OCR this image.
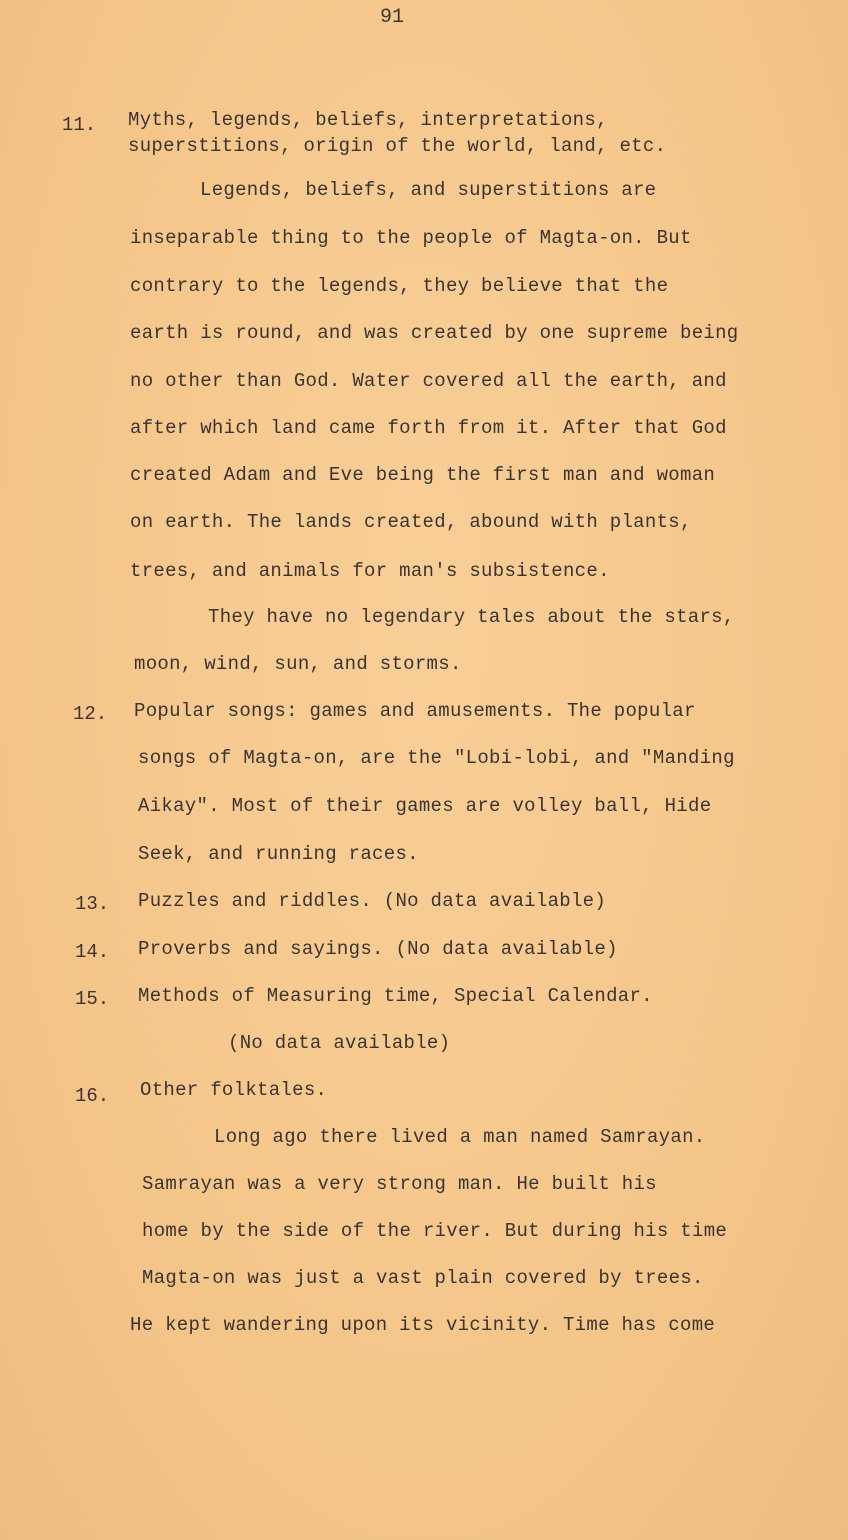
91
11. Myths, legends, beliefs, interpretations,
superstitions, origin of the world, land, etc.
Legends, beliefs, and superstitions are
inseparable thing to the people of Magta-on. But
contrary to the legends, they believe that the
earth is round, and was created by one supreme being
no other than God. Water covered all the earth, and
after which land came forth from it. After that God
created Adam and Eve being the first man and woman
on earth. The lands created, abound with plants,
trees, and animals for man's subsistence.
They have no legendary tales about the stars,
moon, wind, sun, and storms.
12. Popular songs: games and amusements. The popular
songs of Magta-on, are the "Lobi-lobi, and "Manding
Aikay". Most of their games are volley ball, Hide
Seek, and running races.
13. Puzzles and riddles. (No data available)
14. Proverbs and sayings. (No data available)
15. Methods of Measuring time, Special Calendar.
(No data available)
16. Other folktales.
Long ago there lived a man named Samrayan.
Samrayan was a very strong man. He built his
home by the side of the river. But during his time
Magta-on was just a vast plain covered by trees.
He kept wandering upon its vicinity. Time has come
